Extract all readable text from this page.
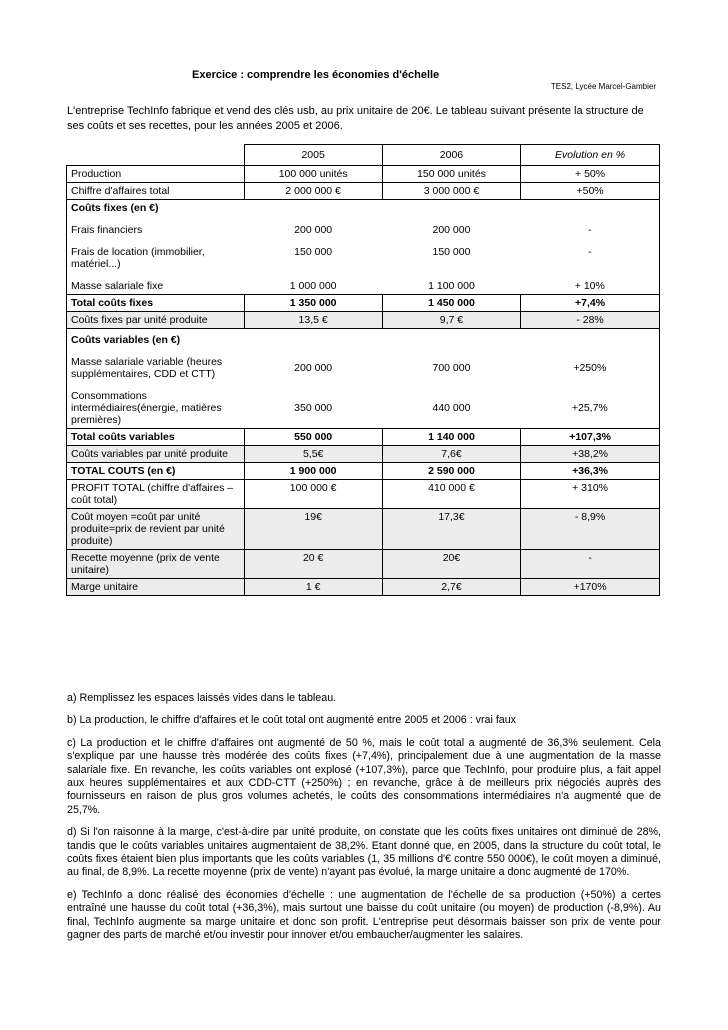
Exercice : comprendre les économies d'échelle
TES2, Lycée Marcel-Gambier
L'entreprise TechInfo fabrique et vend des clés usb, au prix unitaire de 20€. Le tableau suivant présente la structure de ses coûts et ses recettes, pour les années 2005 et 2006.
	2005	2006	Evolution en %
Production	100 000 unités	150 000 unités	+ 50%
Chiffre d'affaires total	2 000 000 €	3 000 000 €	+50%
Coûts fixes (en €)			
Frais financiers	200 000	200 000	-
Frais de location (immobilier, matériel...)	150 000	150 000	-
Masse salariale fixe	1 000 000	1 100 000	+ 10%
Total coûts fixes	1 350 000	1 450 000	+7,4%
Coûts fixes par unité produite	13,5 €	9,7 €	- 28%
Coûts variables (en €)			
Masse salariale variable (heures supplémentaires, CDD et CTT)	200 000	700 000	+250%
Consommations intermédiaires(énergie, matières premières)	350 000	440 000	+25,7%
Total coûts variables	550 000	1 140 000	+107,3%
Coûts variables par unité produite	5,5€	7,6€	+38,2%
TOTAL COUTS (en €)	1 900 000	2 590 000	+36,3%
PROFIT TOTAL (chiffre d'affaires – coût total)	100 000 €	410 000 €	+ 310%
Coût moyen =coût par unité produite=prix de revient par unité produite)	19€	17,3€	- 8,9%
Recette moyenne (prix de vente unitaire)	20 €	20€	-
Marge unitaire	1 €	2,7€	+170%

a) Remplissez les espaces laissés vides dans le tableau.

b) La production, le chiffre d'affaires et le coût total ont augmenté entre 2005 et 2006 : vrai faux

c) La production et le chiffre d'affaires ont augmenté de 50 %, mais le coût total a augmenté de 36,3% seulement. Cela s'explique par une hausse très modérée des coûts fixes (+7,4%), principalement due à une augmentation de la masse salariale fixe. En revanche, les coûts variables ont explosé (+107,3%), parce que TechInfo, pour produire plus, a fait appel aux heures supplémentaires et aux CDD-CTT (+250%) ; en revanche, grâce à de meilleurs prix négociés auprès des fournisseurs en raison de plus gros volumes achetés, le coûts des consommations intermédiaires n'a augmenté que de 25,7%.

d) Si l'on raisonne à la marge, c'est-à-dire par unité produite, on constate que les coûts fixes unitaires ont diminué de 28%, tandis que le coûts variables unitaires augmentaient de 38,2%. Etant donné que, en 2005, dans la structure du coût total, le coûts fixes étaient bien plus importants que les coûts variables (1, 35 millions d'€ contre 550 000€), le coût moyen a diminué, au final, de 8,9%. La recette moyenne (prix de vente) n'ayant pas évolué, la marge unitaire a donc augmenté de 170%.

e) TechInfo a donc réalisé des économies d'échelle : une augmentation de l'échelle de sa production (+50%) a certes entraîné une hausse du coût total (+36,3%), mais surtout une baisse du coût unitaire (ou moyen) de production (-8,9%). Au final, TechInfo augmente sa marge unitaire et donc son profit. L'entreprise peut désormais baisser son prix de vente pour gagner des parts de marché et/ou investir pour innover et/ou embaucher/augmenter les salaires.
